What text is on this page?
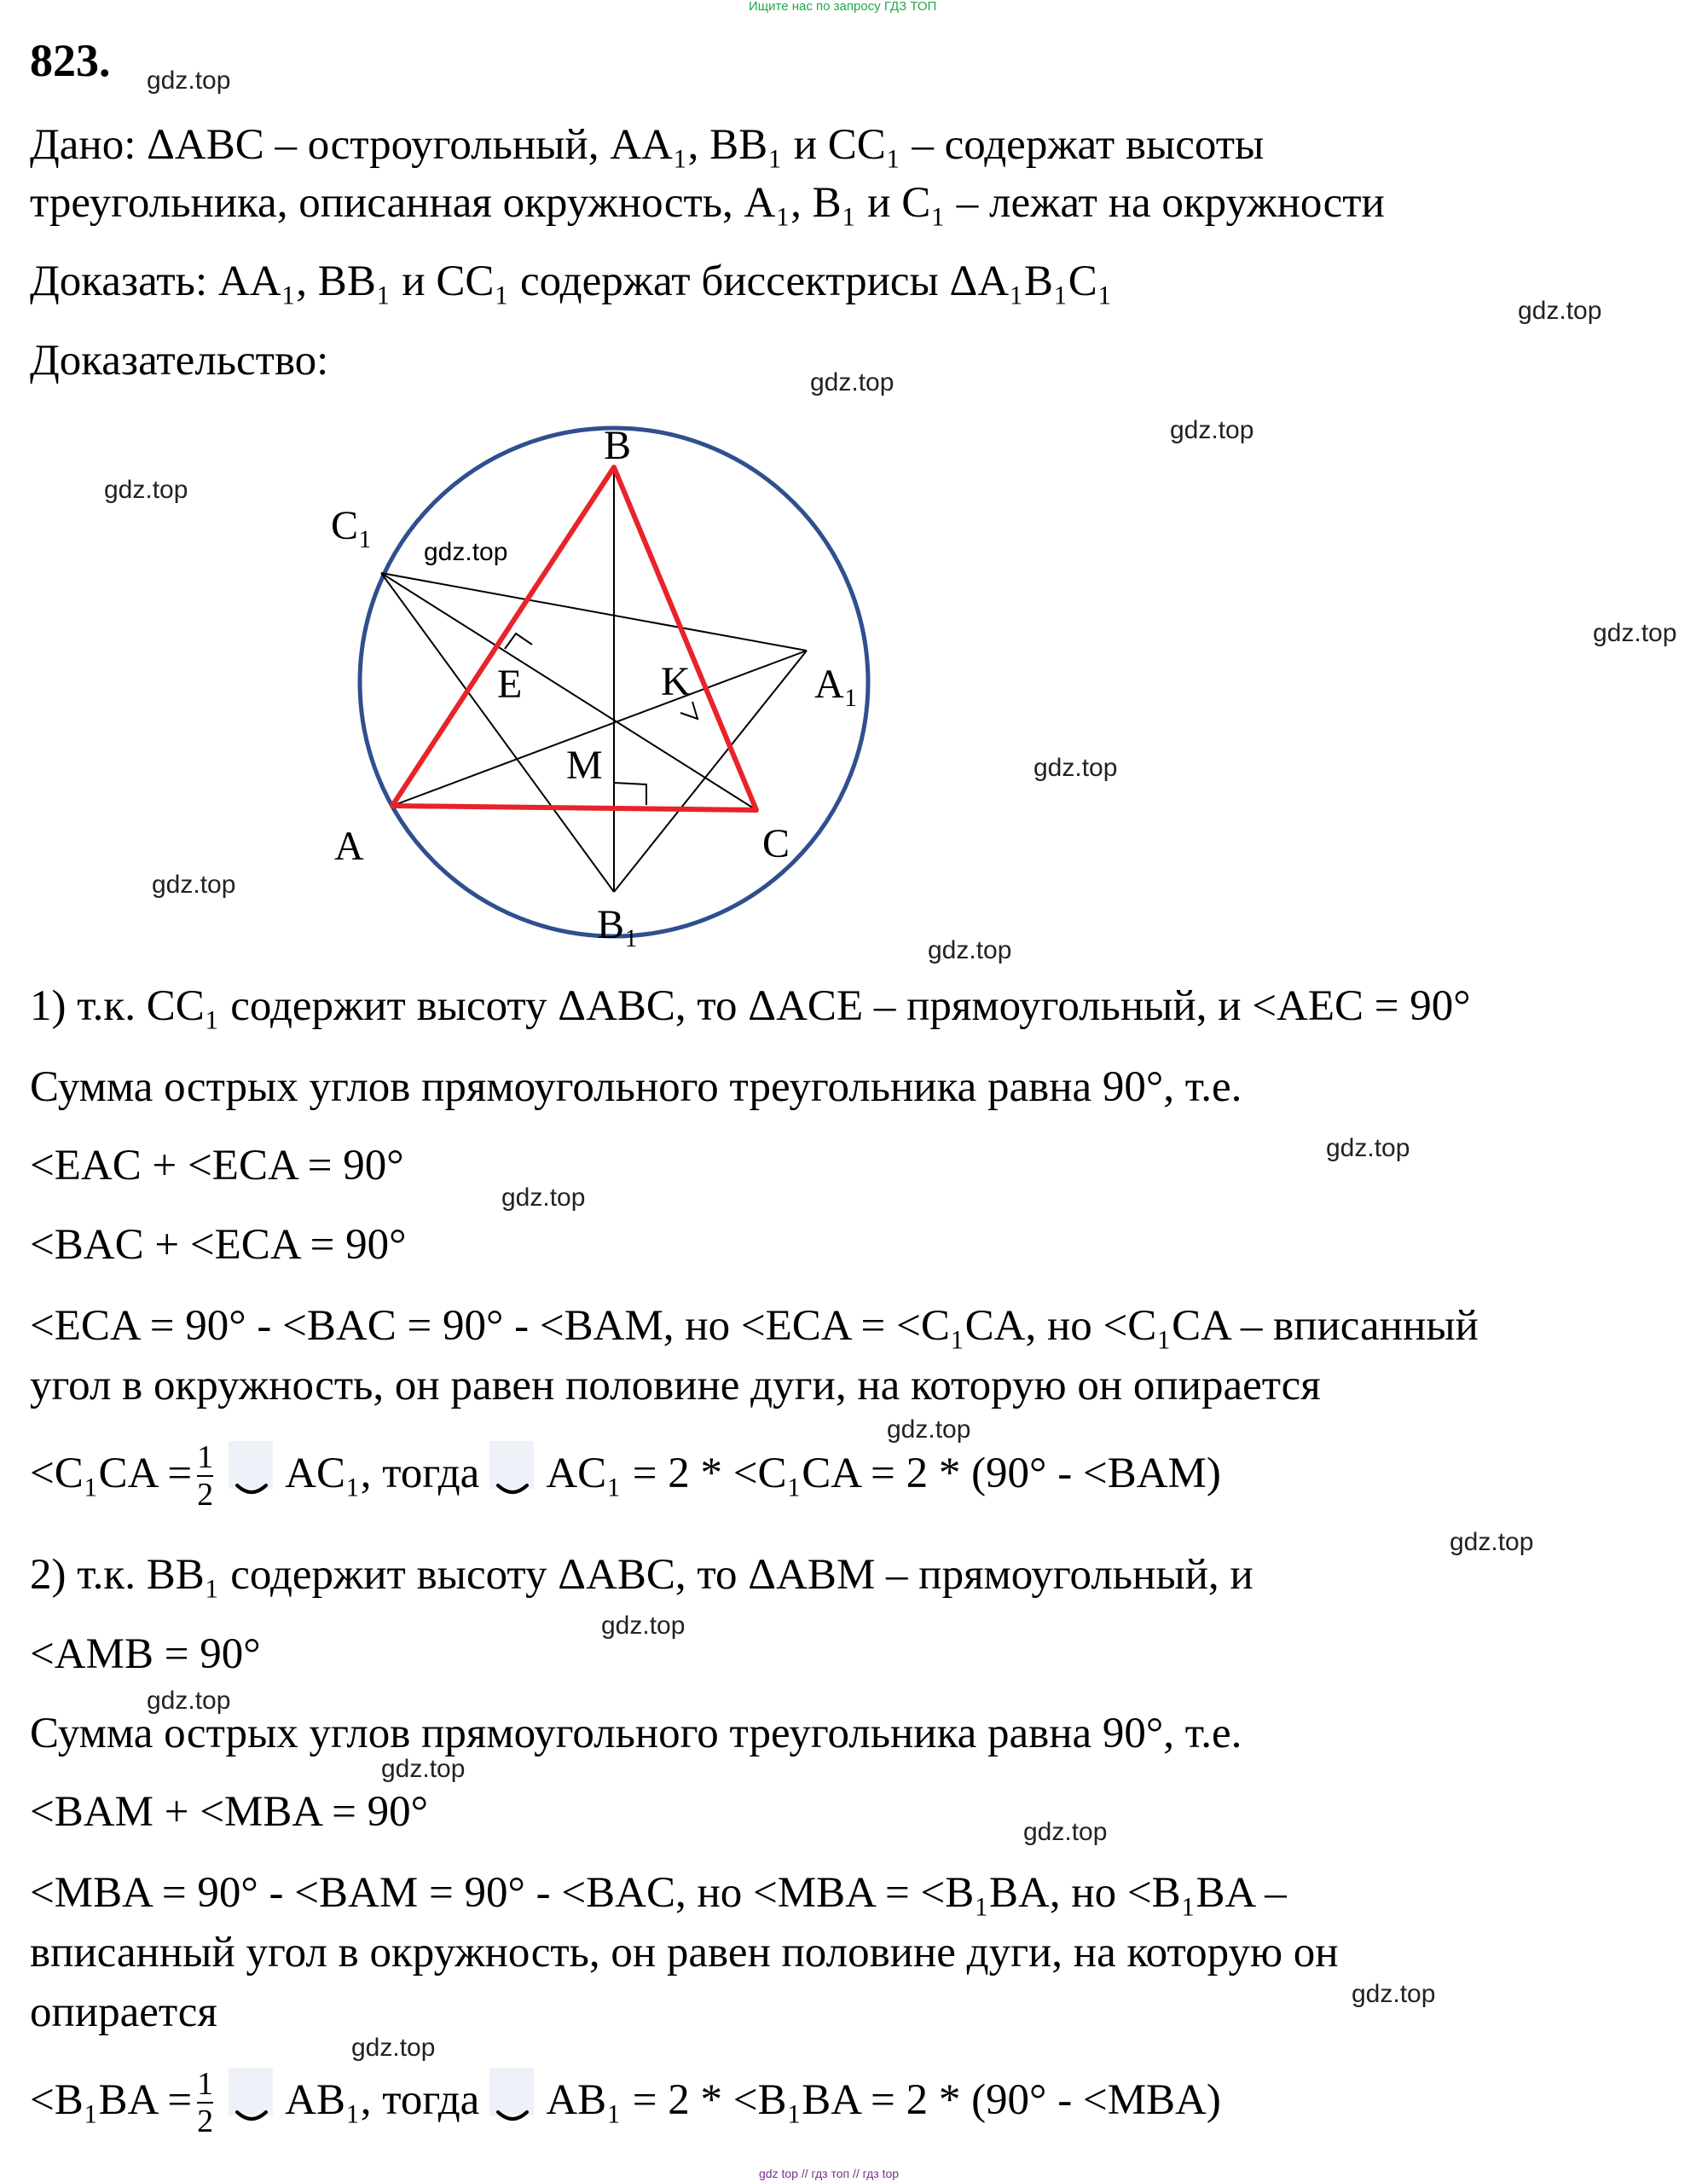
Ищите нас по запросу ГДЗ ТОП
823. gdz.top
gdz.top
gdz.top
gdz.top
gdz.top
gdz.top
gdz.top
gdz.top
gdz.top
gdz.top
gdz.top
gdz.top
gdz.top
gdz.top
gdz.top
gdz.top
gdz.top
gdz.top
gdz.top
Дано: ΔABC – остроугольный, AA₁, BB₁ и CC₁ – содержат высоты
треугольника, описанная окружность, A₁, B₁ и C₁ – лежат на окружности
Доказать: AA₁, BB₁ и CC₁ содержат биссектрисы ΔA₁B₁C₁
Доказательство:
B
C₁
A₁
E	K
M
A	C
B₁
gdz.top
1) т.к. CC₁ содержит высоту ΔABC, то ΔACE – прямоугольный, и <AEC = 90°
Сумма острых углов прямоугольного треугольника равна 90°, т.е.
<EAC + <ECA = 90°
<BAC + <ECA = 90°
<ECA = 90° - <BAC = 90° - <BAM, но <ECA = <C₁CA, но <C₁CA – вписанный
угол в окружность, он равен половине дуги, на которую он опирается
$<C_1CA = \frac{1}{2} AC_1$, тогда AC₁ = 2 * <C₁CA = 2 * (90° - <BAM)
2) т.к. BB₁ содержит высоту ΔABC, то ΔABM – прямоугольный, и
<AMB = 90°
Сумма острых углов прямоугольного треугольника равна 90°, т.е.
<BAM + <MBA = 90°
<MBA = 90° - <BAM = 90° - <BAC, но <MBA = <B₁BA, но <B₁BA –
вписанный угол в окружность, он равен половине дуги, на которую он
опирается
$<B_1BA = \frac{1}{2} AB_1$, тогда AB₁ = 2 * <B₁BA = 2 * (90° - <MBA)
gdz top // гдз топ // гдз top
